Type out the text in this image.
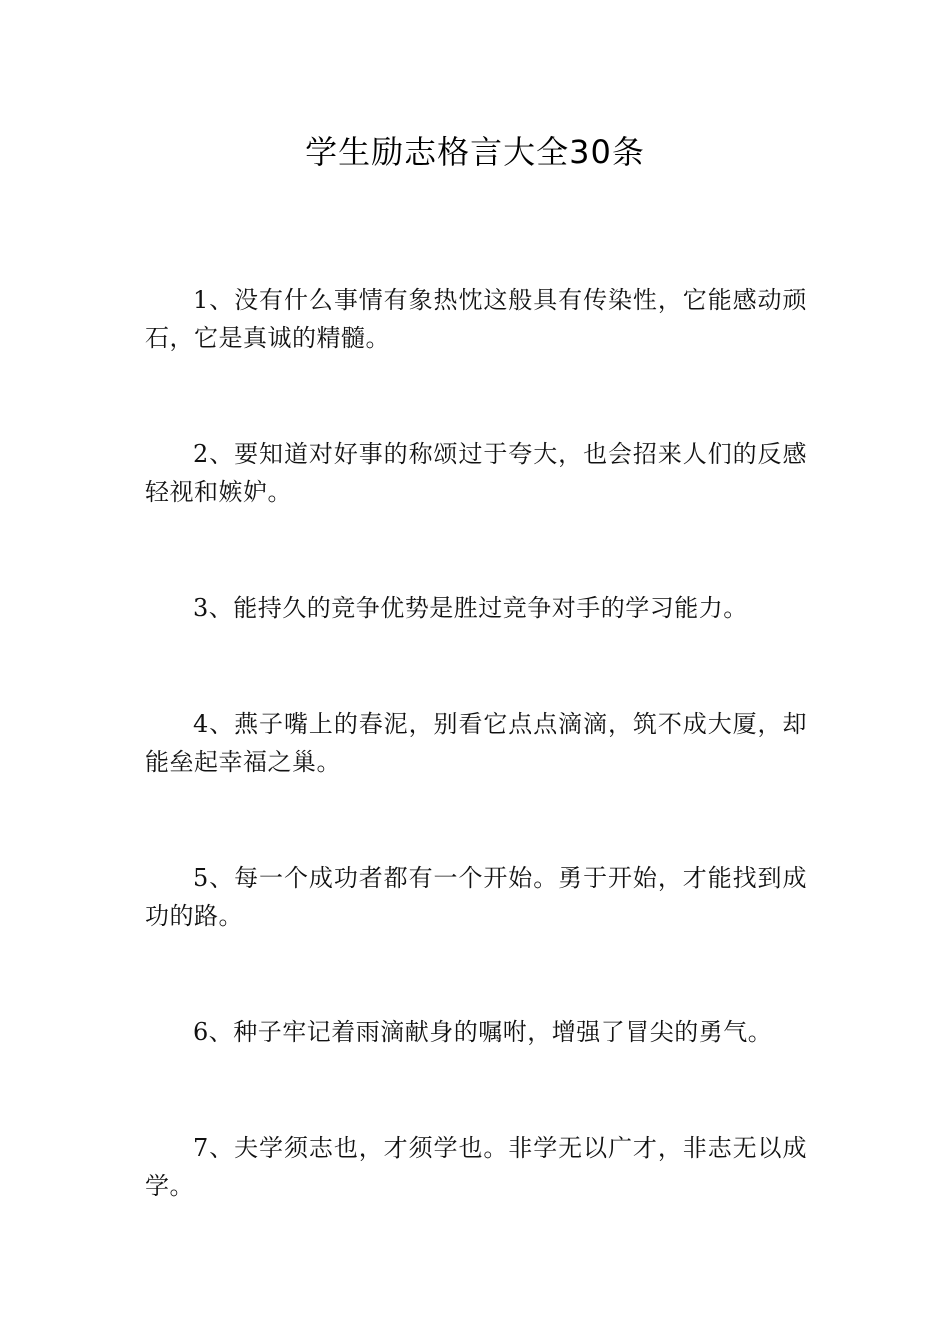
学生励志格言大全30条
1、没有什么事情有象热忱这般具有传染性，它能感动顽石，它是真诚的精髓。
2、要知道对好事的称颂过于夸大，也会招来人们的反感轻视和嫉妒。
3、能持久的竞争优势是胜过竞争对手的学习能力。
4、燕子嘴上的春泥，别看它点点滴滴，筑不成大厦，却能垒起幸福之巢。
5、每一个成功者都有一个开始。勇于开始，才能找到成功的路。
6、种子牢记着雨滴献身的嘱咐，增强了冒尖的勇气。
7、夫学须志也，才须学也。非学无以广才，非志无以成学。
